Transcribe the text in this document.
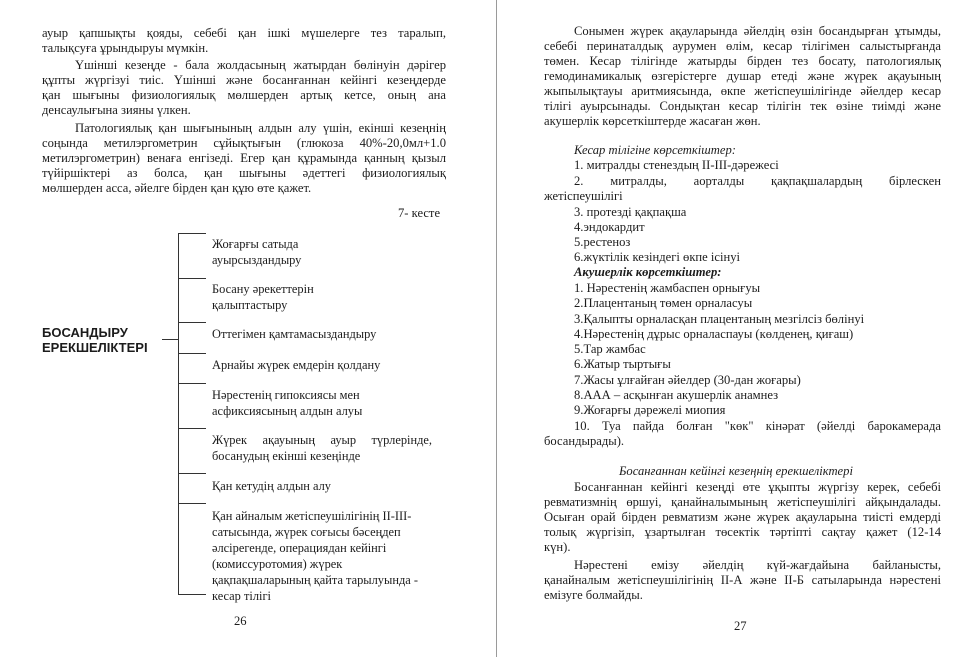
ауыр қапшықты қояды, себебі қан ішкі мүшелерге тез таралып,
талықсуға ұрындыруы мүмкін.
Үшінші кезеңде - бала жолдасының жатырдан бөлінуін дәрігер
құпты жүргізуі тиіс. Үшінші және босанғаннан кейінгі кезеңдерде
қан шығыны физиологиялық мөлшерден артық кетсе, оның ана
денсаулығына зияны үлкен.
Патологиялық қан шығынының алдын алу үшін, екінші кезеңнің
соңында метилэргометрин сұйықтығын (глюкоза 40%-20,0мл+1.0
метилэргометрин) венаға енгізеді. Егер қан құрамында қанның қызыл
түйіршіктері аз болса, қан шығыны әдеттегі физиологиялық
мөлшерден асса, әйелге бірден қан құю өте қажет.
7- кесте
БОСАНДЫРУ
ЕРЕКШЕЛІКТЕРІ
Жоғарғы сатыда
ауырсыздандыру
Босану әрекеттерін
қалыптастыру
Оттегімен қамтамасыздандыру
Арнайы жүрек емдерін қолдану
Нәрестенің гипоксиясы мен
асфиксиясының алдын алуы
Жүрек ақауының ауыр түрлерінде,
босанудың екінші кезеңінде
Қан кетудің алдын алу
Қан айналым жетіспеушілігінің ІІ-ІІІ-
сатысында, жүрек соғысы бәсеңдеп
әлсірегенде, операциядан кейінгі
(комиссуротомия) жүрек
қақпақшаларының қайта тарылуында -
кесар тілігі
26
Сонымен жүрек ақауларында әйелдің өзін босандырған ұтымды,
себебі перинаталдық аурумен өлім, кесар тілігімен салыстырғанда
төмен. Кесар тілігінде жатырды бірден тез босату, патологиялық
гемодинамикалық өзгерістерге душар етеді және жүрек ақауының
жыпылықтауы аритмиясында, өкпе жетіспеушілігінде әйелдер кесар
тілігі ауырсынады. Сондықтан кесар тілігін тек өзіне тиімді және
акушерлік көрсеткіштерде жасаған жөн.
Кесар тілігіне көрсеткіштер:
1. митралды стенездың ІІ-ІІІ-дәрежесі
2. митралды, аорталды қақпақшалардың бірлескен
жетіспеушілігі
3. протезді қақпақша
4.эндокардит
5.рестеноз
6.жүктілік кезіндегі өкпе ісінуі
Акушерлік көрсеткіштер:
1. Нәрестенің жамбаспен орнығуы
2.Плацентаның төмен орналасуы
3.Қалыпты орналасқан плацентаның мезгілсіз бөлінуі
4.Нәрестенің дұрыс орналаспауы (көлденең, қиғаш)
5.Тар жамбас
6.Жатыр тыртығы
7.Жасы ұлғайған әйелдер (30-дан жоғары)
8.ААА – асқынған акушерлік анамнез
9.Жоғарғы дәрежелі миопия
10. Туа пайда болған "көк" кінәрат (әйелді барокамерада
босандырады).
Босанғаннан кейінгі кезеңнің ерекшеліктері
Босанғаннан кейінгі кезеңді өте ұқыпты жүргізу керек, себебі
ревматизмнің өршуі, қанайналымының жетіспеушілігі айқындалады.
Осыған орай бірден ревматизм және жүрек ақауларына тиісті емдерді
толық жүргізіп, ұзартылған төсектік тәртіпті сақтау қажет (12-14
күн).
Нәрестені емізу әйелдің күй-жағдайына байланысты,
қанайналым жетіспеушілігінің ІІ-А және ІІ-Б сатыларында нәрестені
емізуге болмайды.
27
